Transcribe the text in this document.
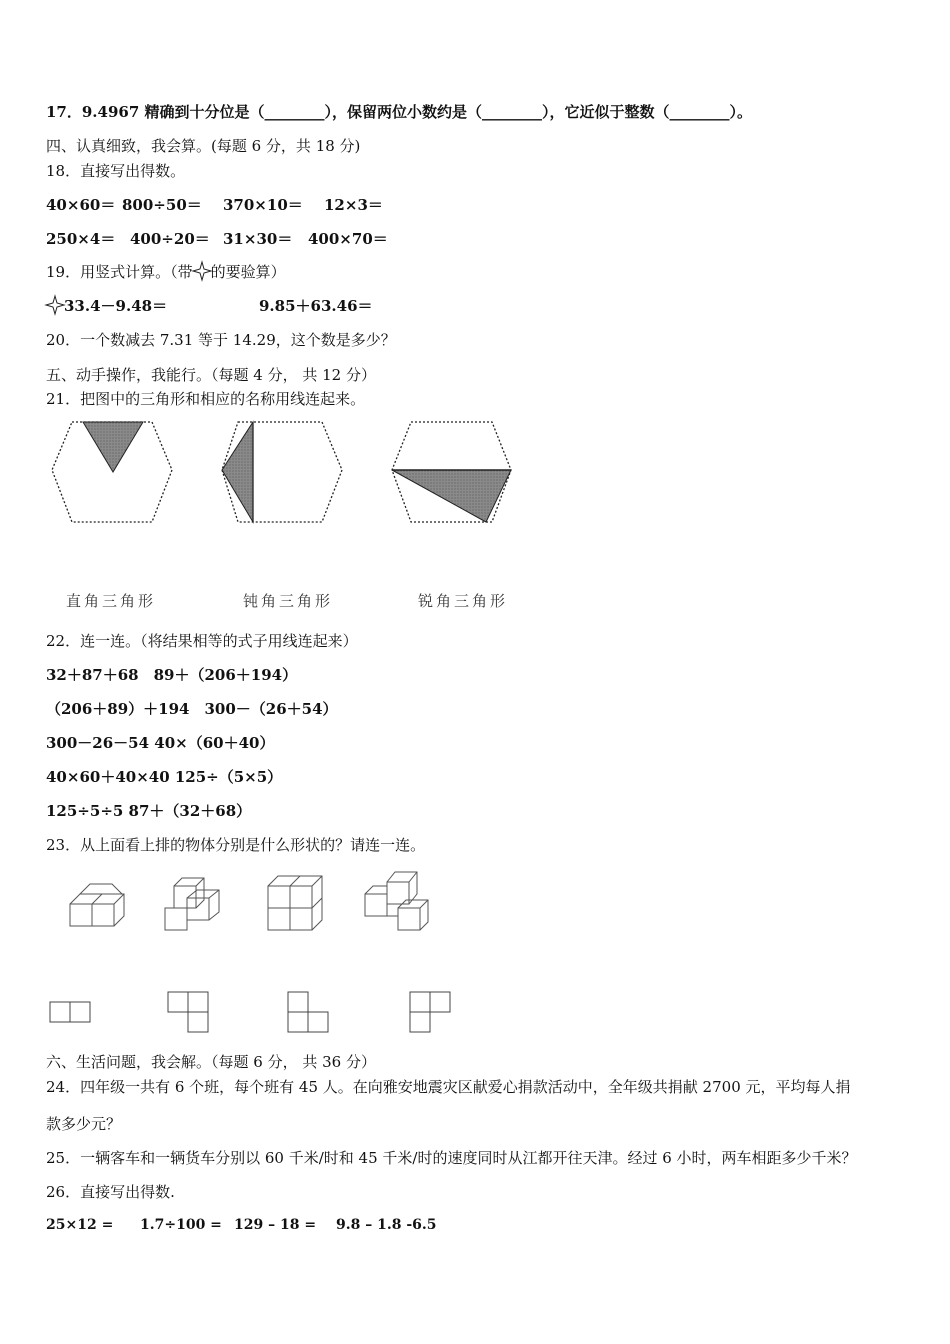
17．9.4967 精确到十分位是（________），保留两位小数约是（________），它近似于整数（________）。
四、认真细致，我会算。(每题 6 分，共 18 分)
18．直接写出得数。
40×60＝ 800÷50＝ 370×10＝ 12×3＝
250×4＝ 400÷20＝ 31×30＝ 400×70＝
19．用竖式计算。（带 的要验算）
33.4－9.48＝	9.85＋63.46＝
20．一个数减去 7.31 等于 14.29，这个数是多少？
五、动手操作，我能行。（每题 4 分， 共 12 分）
21．把图中的三角形和相应的名称用线连起来。
直角三角形	钝角三角形	锐角三角形
22．连一连。（将结果相等的式子用线连起来）
32＋87＋68　89＋（206＋194）
（206＋89）＋194　300－（26＋54）
300－26－54 40×（60＋40）
40×60＋40×40 125÷（5×5）
125÷5÷5 87＋（32＋68）
23．从上面看上排的物体分别是什么形状的？请连一连。
六、生活问题，我会解。（每题 6 分， 共 36 分）
24．四年级一共有 6 个班，每个班有 45 人。在向雅安地震灾区献爱心捐款活动中，全年级共捐献 2700 元，平均每人捐
款多少元？
25．一辆客车和一辆货车分别以 60 千米/时和 45 千米/时的速度同时从江都开往天津。经过 6 小时，两车相距多少千米？
26．直接写出得数.
25×12 = 1.7÷100 = 129 – 18 = 9.8 – 1.8 -6.5
